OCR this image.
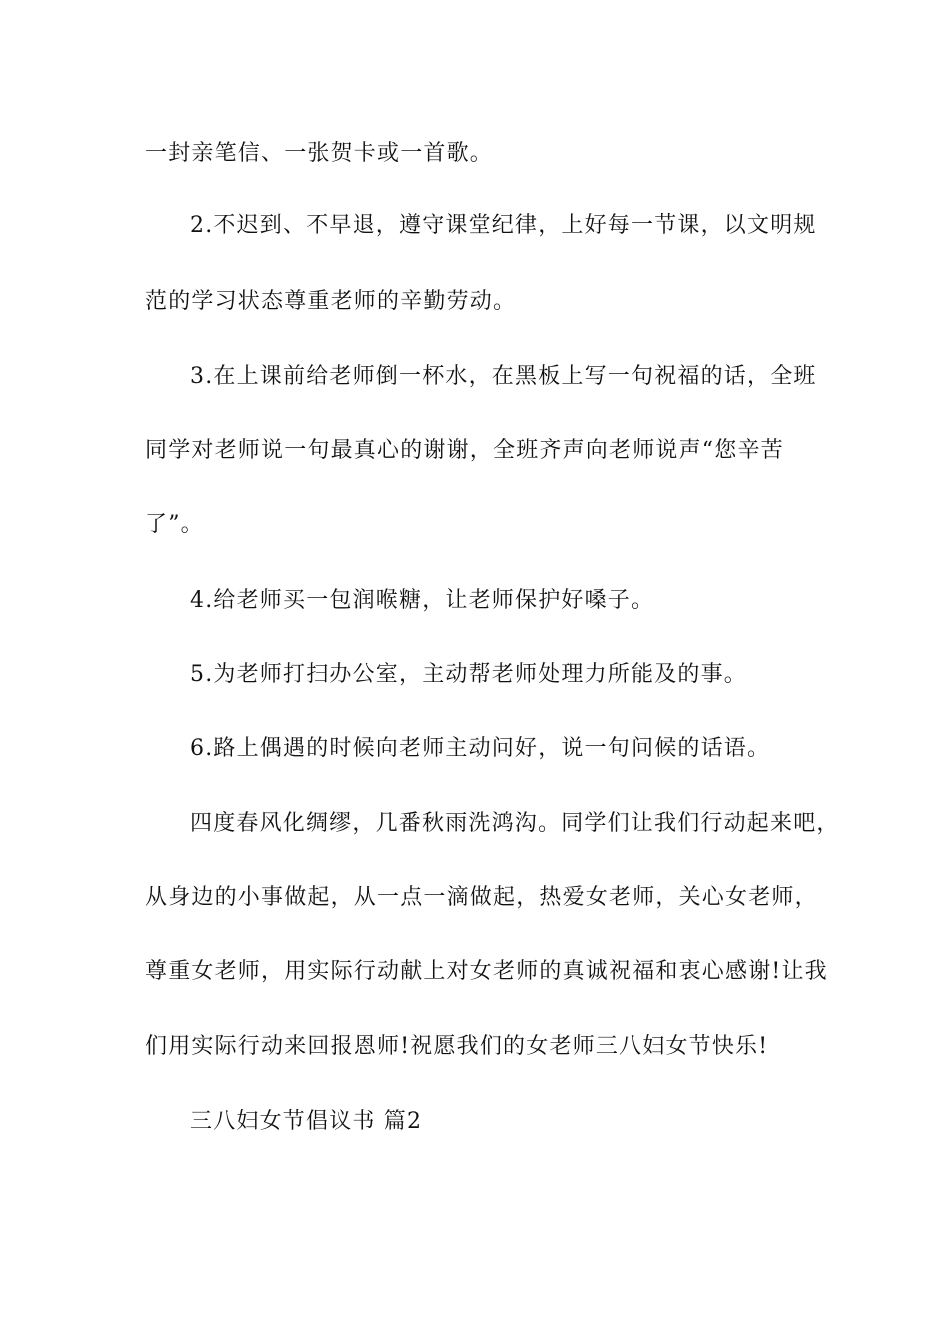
一封亲笔信、一张贺卡或一首歌。
2.不迟到、不早退，遵守课堂纪律，上好每一节课，以文明规
范的学习状态尊重老师的辛勤劳动。
3.在上课前给老师倒一杯水，在黑板上写一句祝福的话，全班
同学对老师说一句最真心的谢谢，全班齐声向老师说声“您辛苦
了”。
4.给老师买一包润喉糖，让老师保护好嗓子。
5.为老师打扫办公室，主动帮老师处理力所能及的事。
6.路上偶遇的时候向老师主动问好，说一句问候的话语。
四度春风化绸缪，几番秋雨洗鸿沟。同学们让我们行动起来吧，
从身边的小事做起，从一点一滴做起，热爱女老师，关心女老师，
尊重女老师，用实际行动献上对女老师的真诚祝福和衷心感谢!让我
们用实际行动来回报恩师!祝愿我们的女老师三八妇女节快乐!
三八妇女节倡议书 篇2
